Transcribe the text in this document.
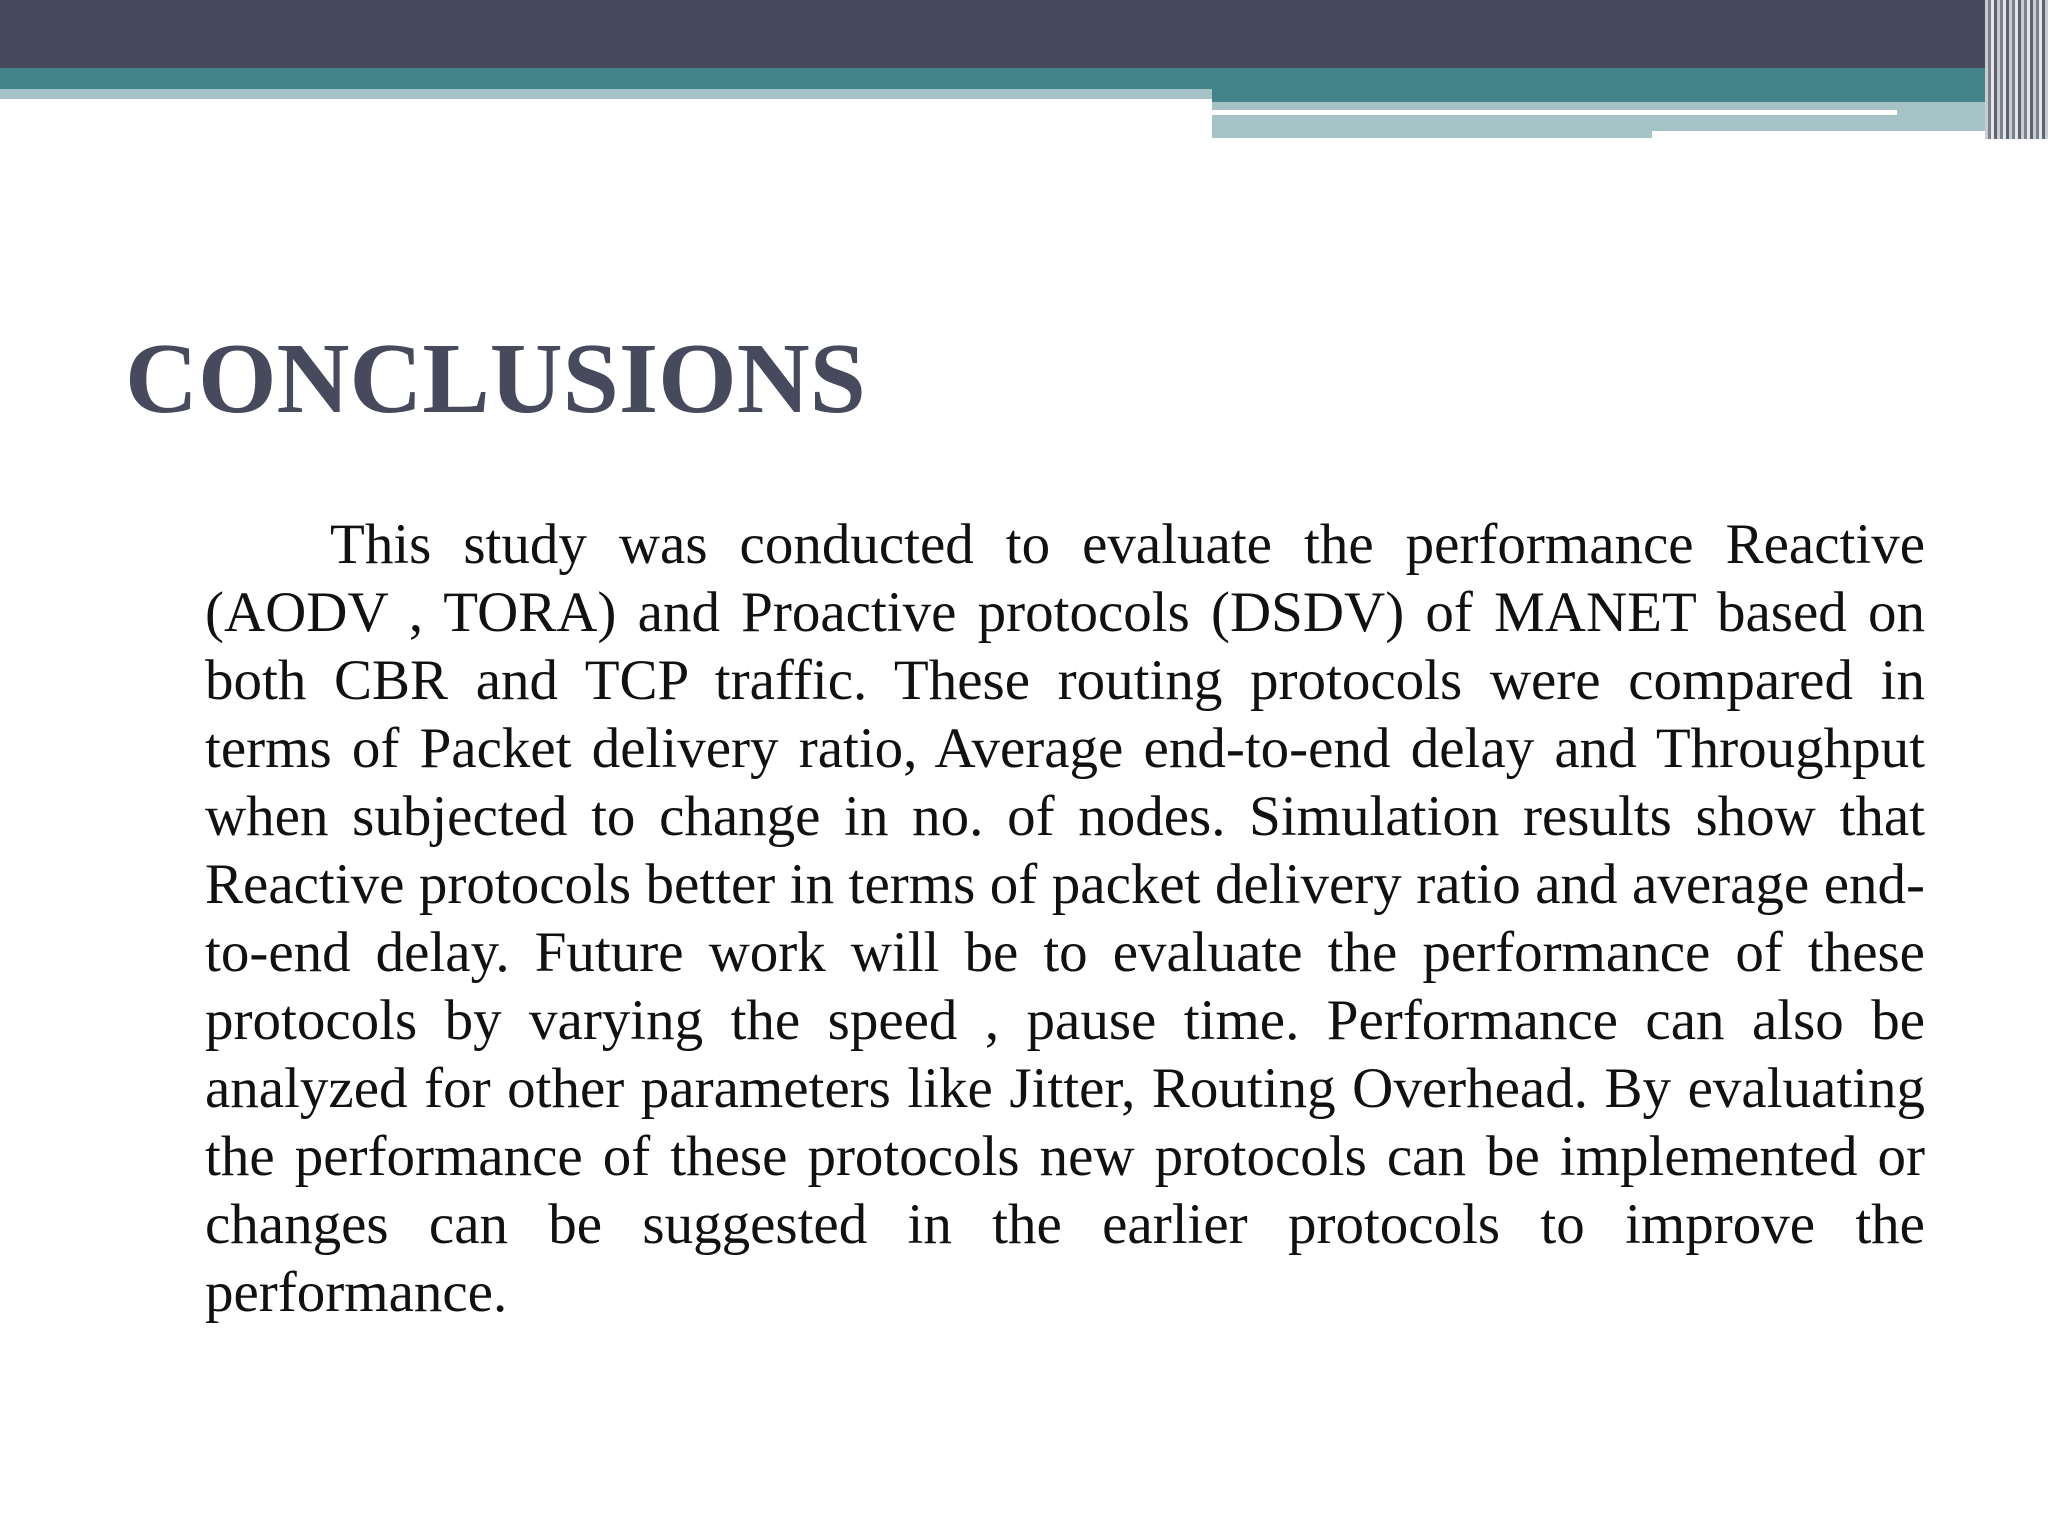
CONCLUSIONS

This study was conducted to evaluate the performance Reactive (AODV , TORA) and Proactive protocols (DSDV) of MANET based on both CBR and TCP traffic. These routing protocols were compared in terms of Packet delivery ratio, Average end-to-end delay and Throughput when subjected to change in no. of nodes. Simulation results show that Reactive protocols better in terms of packet delivery ratio and average end-to-end delay. Future work will be to evaluate the performance of these protocols by varying the speed , pause time. Performance can also be analyzed for other parameters like Jitter, Routing Overhead. By evaluating the performance of these protocols new protocols can be implemented or changes can be suggested in the earlier protocols to improve the performance.
